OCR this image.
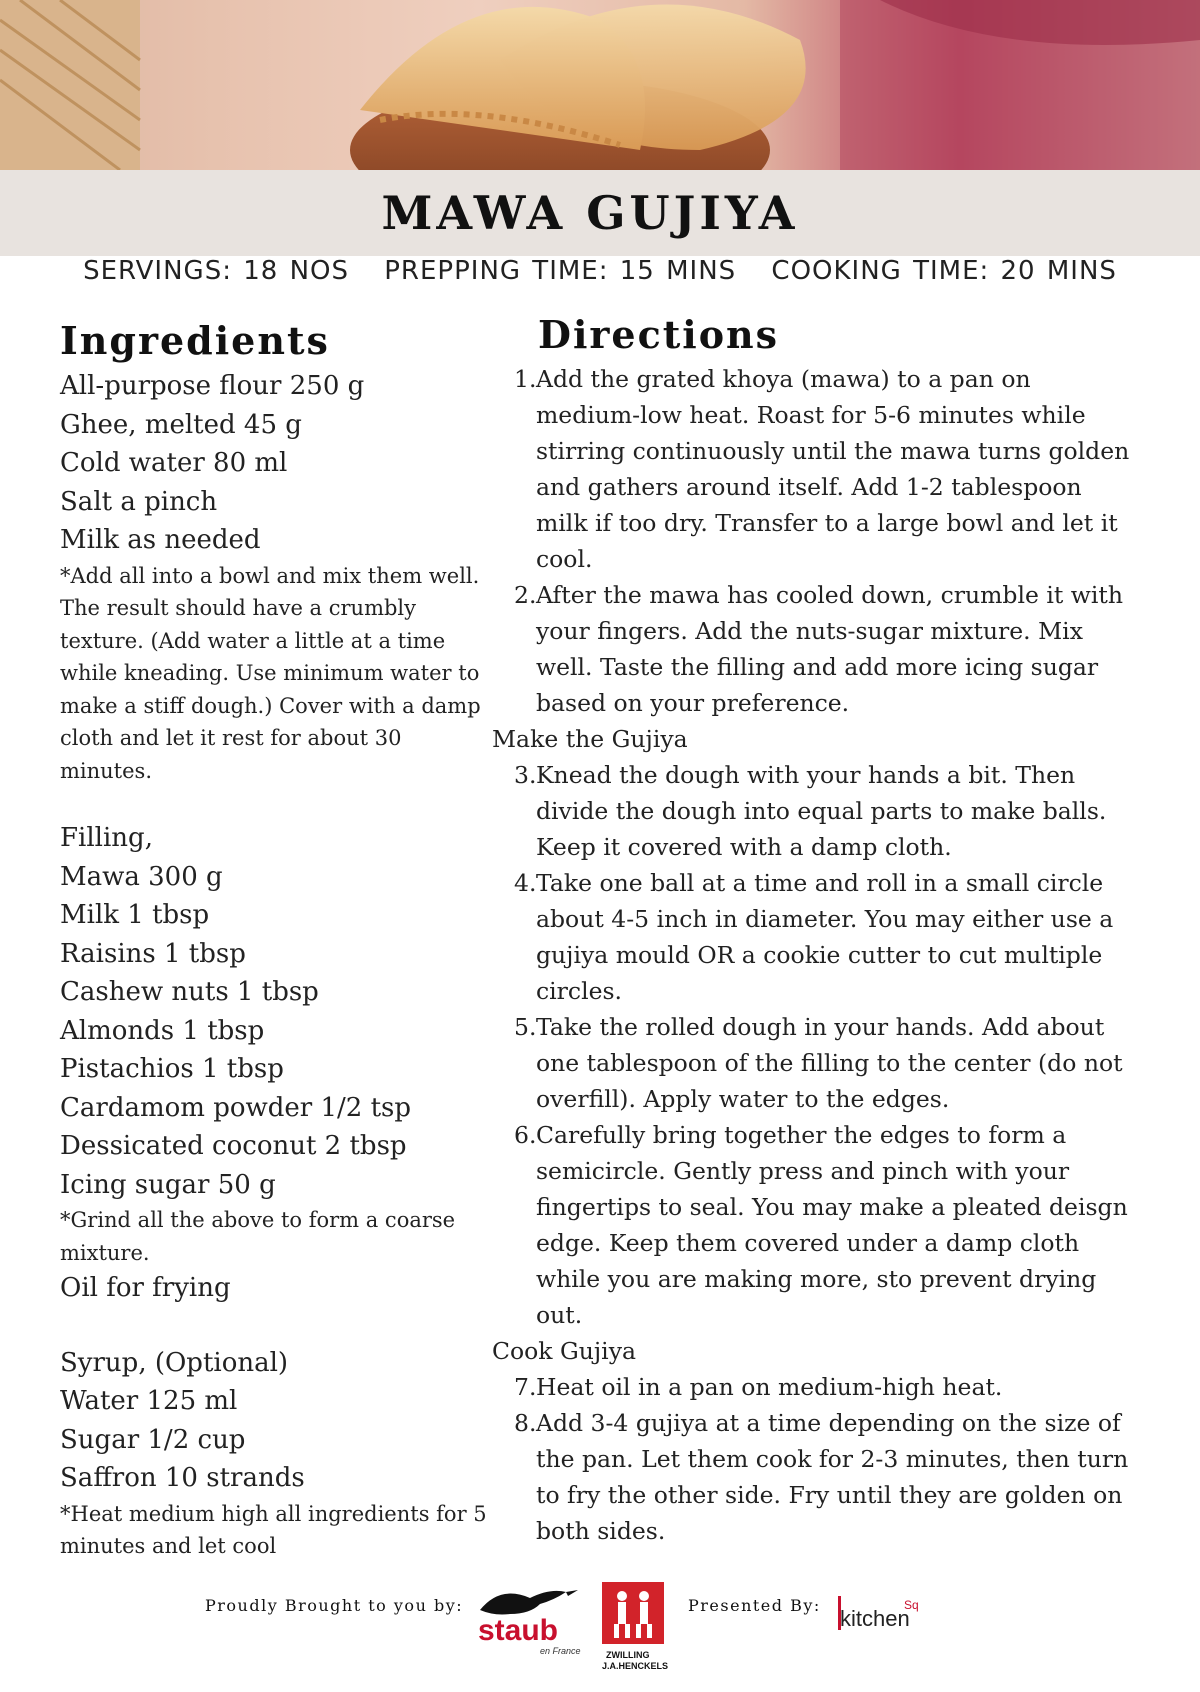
MAWA GUJIYA
SERVINGS: 18 NOS PREPPING TIME: 15 MINS COOKING TIME: 20 MINS
Ingredients
All-purpose flour 250 g
Ghee, melted 45 g
Cold water 80 ml
Salt a pinch
Milk as needed

*Add all into a bowl and mix them well. The result should have a crumbly texture. (Add water a little at a time while kneading. Use minimum water to make a stiff dough.) Cover with a damp cloth and let it rest for about 30 minutes.

Filling,
Mawa 300 g
Milk 1 tbsp
Raisins 1 tbsp
Cashew nuts 1 tbsp
Almonds 1 tbsp
Pistachios 1 tbsp
Cardamom powder 1/2 tsp
Dessicated coconut 2 tbsp
Icing sugar 50 g

*Grind all the above to form a coarse mixture.

Oil for frying
Syrup, (Optional)
Water 125 ml
Sugar 1/2 cup
Saffron 10 strands

*Heat medium high all ingredients for 5 minutes and let cool

Directions
1. Add the grated khoya (mawa) to a pan on medium-low heat. Roast for 5-6 minutes while stirring continuously until the mawa turns golden and gathers around itself. Add 1-2 tablespoon milk if too dry. Transfer to a large bowl and let it cool.
2. After the mawa has cooled down, crumble it with your fingers. Add the nuts-sugar mixture. Mix well. Taste the filling and add more icing sugar based on your preference.
Make the Gujiya
3. Knead the dough with your hands a bit. Then divide the dough into equal parts to make balls. Keep it covered with a damp cloth.
4. Take one ball at a time and roll in a small circle about 4-5 inch in diameter. You may either use a gujiya mould OR a cookie cutter to cut multiple circles.
5. Take the rolled dough in your hands. Add about one tablespoon of the filling to the center (do not overfill). Apply water to the edges.
6. Carefully bring together the edges to form a semicircle. Gently press and pinch with your fingertips to seal. You may make a pleated deisgn edge. Keep them covered under a damp cloth while you are making more, sto prevent drying out.
Cook Gujiya
7. Heat oil in a pan on medium-high heat.
8. Add 3-4 gujiya at a time depending on the size of the pan. Let them cook for 2-3 minutes, then turn to fry the other side. Fry until they are golden on both sides.
Proudly Brought to you by:
staub
en France	ZWILLING
J.A.HENCKELS
Presented By:
kitchen
Sq
